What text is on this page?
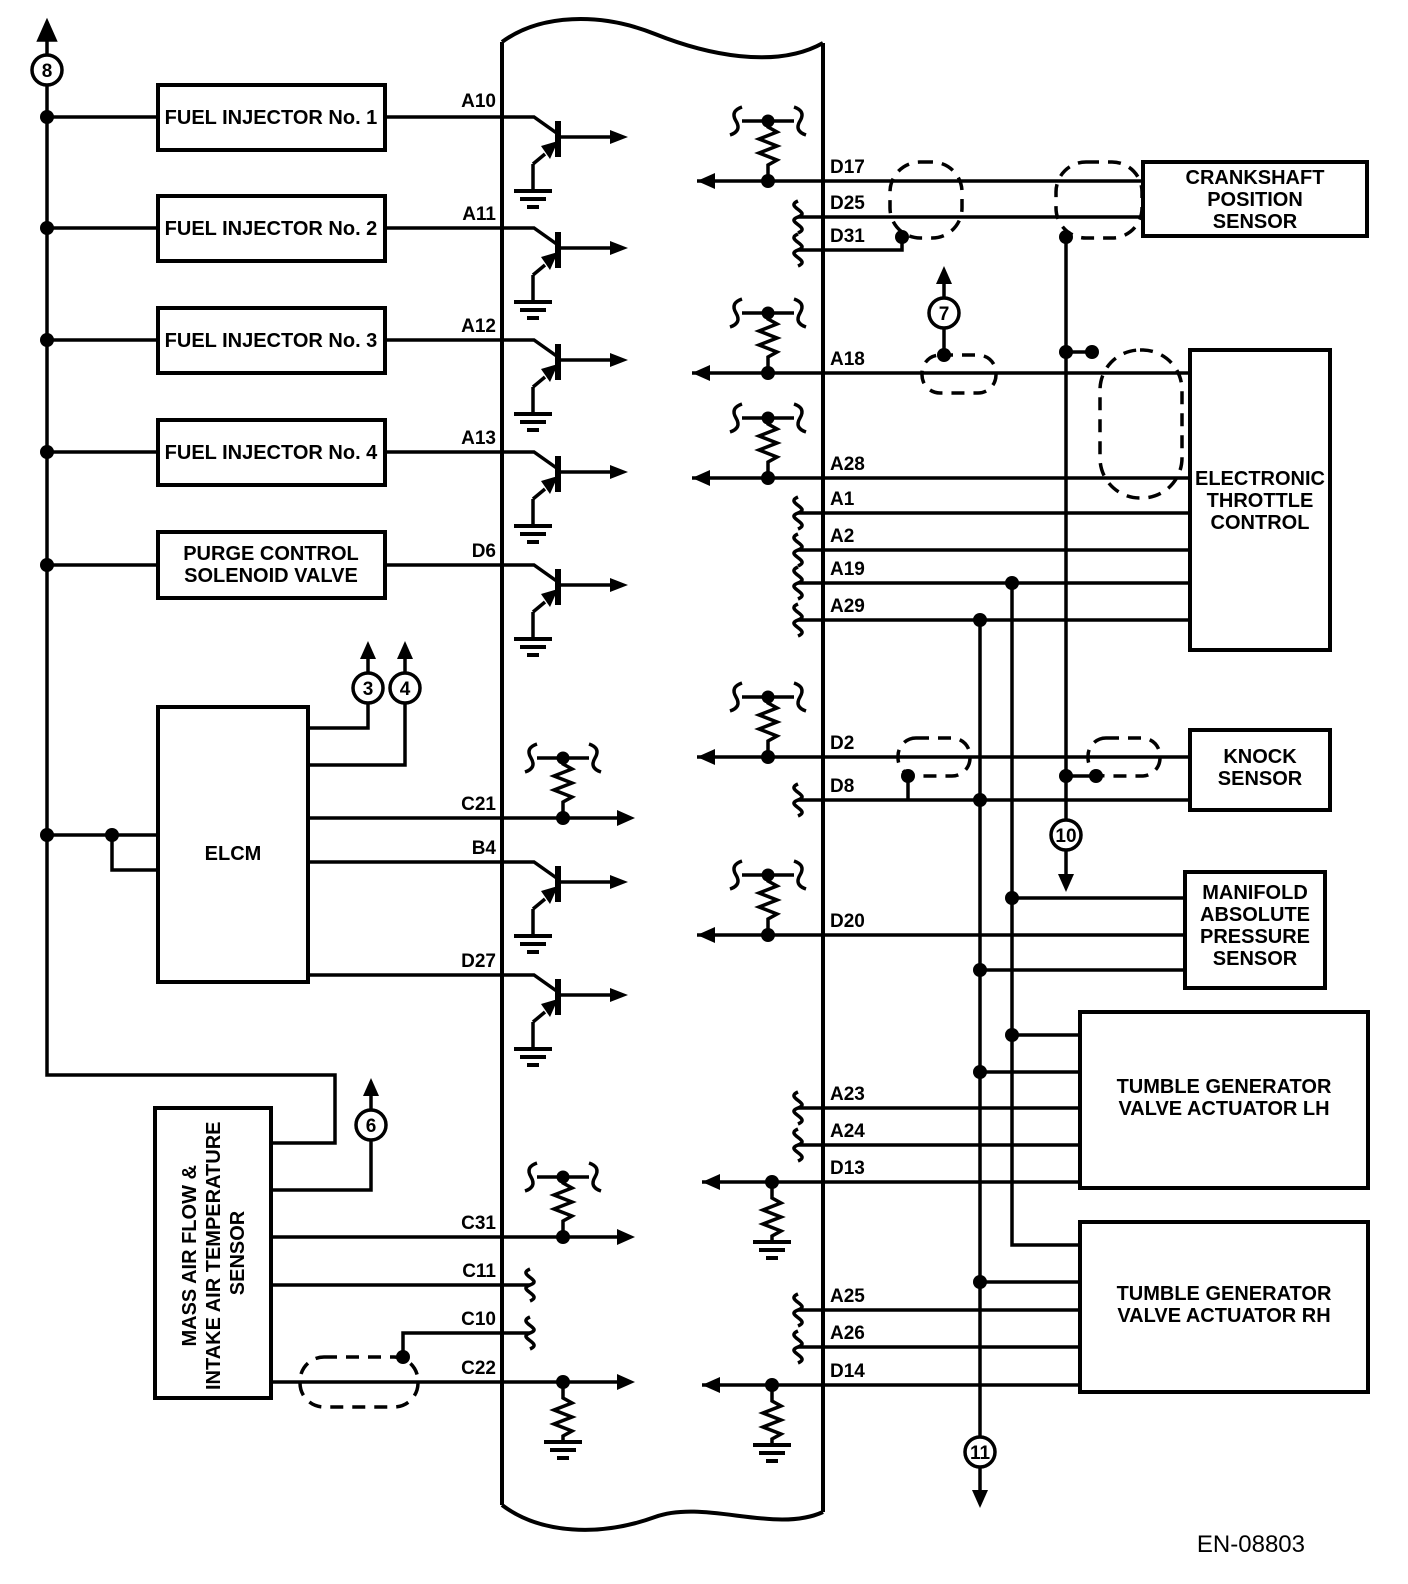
FUEL INJECTOR No. 1
FUEL INJECTOR No. 2
FUEL INJECTOR No. 3
FUEL INJECTOR No. 4
PURGE CONTROL SOLENOID VALVE
ELCM
MASS AIR FLOW & INTAKE AIR TEMPERATURE SENSOR
CRANKSHAFT POSITION SENSOR
ELECTRONIC THROTTLE CONTROL
KNOCK SENSOR
MANIFOLD ABSOLUTE PRESSURE SENSOR
TUMBLE GENERATOR VALVE ACTUATOR LH
TUMBLE GENERATOR VALVE ACTUATOR RH
A10
A11
A12
A13
D6
C21
B4
D27
C31
C11
C10
C22
D17
D25
D31
A18
A28
A1
A2
A19
A29
D2
D8
D20
A23
A24
D13
A25
A26
D14
8
3 4
6
7
10
11
EN-08803
